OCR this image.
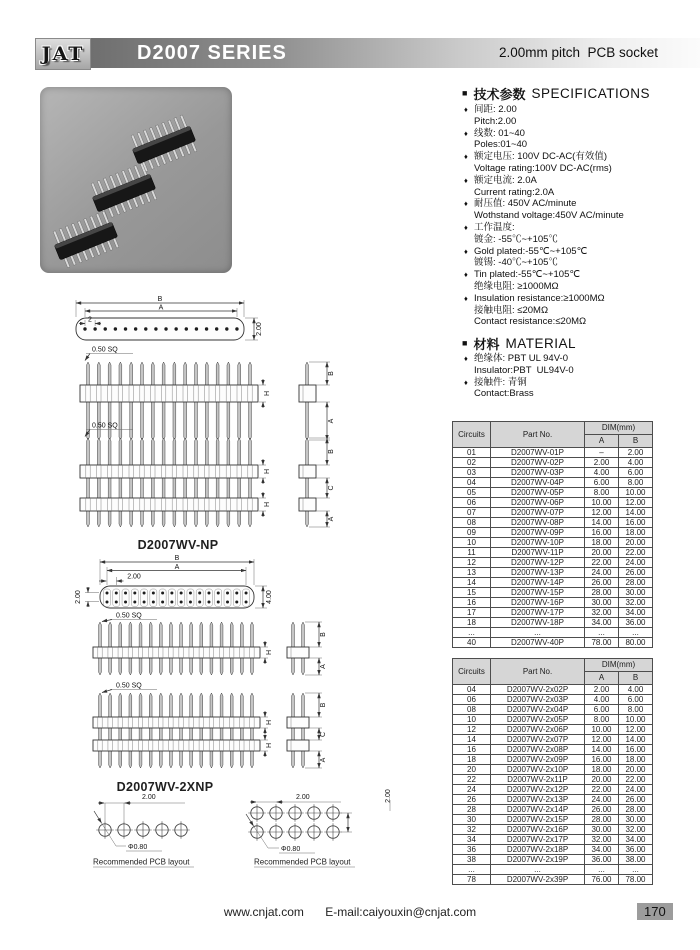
JAT	D2007 SERIES	2.00mm pitch  PCB socket
■ 技术参数 SPECIFICATIONS
♦ 间距: 2.00
Pitch:2.00
♦ 线数: 01~40
Poles:01~40
♦ 额定电压: 100V DC-AC(有效值)
Voltage rating:100V DC-AC(rms)
♦ 额定电流: 2.0A
Current rating:2.0A
♦ 耐压值: 450V AC/minute
Wothstand voltage:450V AC/minute
♦ 工作温度:
镀金: -55℃~+105℃
♦ Gold plated:-55℃~+105℃
镀锡: -40℃~+105℃
♦ Tin plated:-55℃~+105℃
绝缘电阻: ≥1000MΩ
♦ Insulation resistance:≥1000MΩ
接触电阻: ≤20MΩ
Contact resistance:≤20MΩ
■ 材料 MATERIAL
♦ 绝缘体: PBT UL 94V-0
Insulator:PBT  UL94V-0
♦ 接触件: 青铜
Contact:Brass
Circuits	Part No.	DIM(mm)	
		A	B
01	D2007WV-01P	–	2.00
02	D2007WV-02P	2.00	4.00
03	D2007WV-03P	4.00	6.00
04	D2007WV-04P	6.00	8.00
05	D2007WV-05P	8.00	10.00
06	D2007WV-06P	10.00	12.00
07	D2007WV-07P	12.00	14.00
08	D2007WV-08P	14.00	16.00
09	D2007WV-09P	16.00	18.00
10	D2007WV-10P	18.00	20.00
11	D2007WV-11P	20.00	22.00
12	D2007WV-12P	22.00	24.00
13	D2007WV-13P	24.00	26.00
14	D2007WV-14P	26.00	28.00
15	D2007WV-15P	28.00	30.00
16	D2007WV-16P	30.00	32.00
17	D2007WV-17P	32.00	34.00
18	D2007WV-18P	34.00	36.00
...	...	...	...
40	D2007WV-40P	78.00	80.00
Circuits	Part No.	DIM(mm)	
		A	B
04	D2007WV-2x02P	2.00	4.00
06	D2007WV-2x03P	4.00	6.00
08	D2007WV-2x04P	6.00	8.00
10	D2007WV-2x05P	8.00	10.00
12	D2007WV-2x06P	10.00	12.00
14	D2007WV-2x07P	12.00	14.00
16	D2007WV-2x08P	14.00	16.00
18	D2007WV-2x09P	16.00	18.00
20	D2007WV-2x10P	18.00	20.00
22	D2007WV-2x11P	20.00	22.00
24	D2007WV-2x12P	22.00	24.00
26	D2007WV-2x13P	24.00	26.00
28	D2007WV-2x14P	26.00	28.00
30	D2007WV-2x15P	28.00	30.00
32	D2007WV-2x16P	30.00	32.00
34	D2007WV-2x17P	32.00	34.00
36	D2007WV-2x18P	34.00	36.00
38	D2007WV-2x19P	36.00	38.00
...	...	...	...
78	D2007WV-2x39P	76.00	78.00
B
A
2
2.00
0.50 SQ
H
B
A
0.50 SQ
H
H
B
C
A
D2007WV-NP
B
A
2.00
2.00	4.00
0.50 SQ
H
B
A
0.50 SQ
H
H
B
C
A
D2007WV-2XNP
2.00
Φ0.80
Recommended PCB layout
2.00	2.00
Φ0.80
Recommended PCB layout
www.cnjat.com E-mail:caiyouxin@cnjat.com	170
